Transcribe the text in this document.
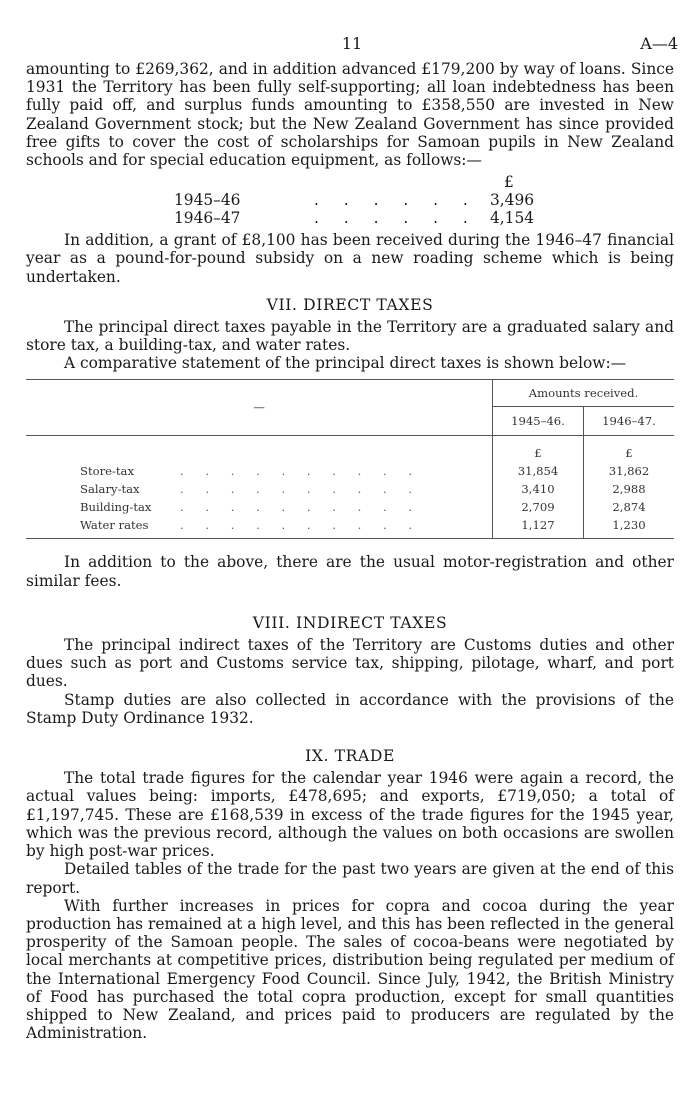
11	A—4

amounting to £269,362, and in addition advanced £179,200 by way of loans. Since 1931 the Territory has been fully self-supporting; all loan indebtedness has been fully paid off, and surplus funds amounting to £358,550 are invested in New Zealand Government stock; but the New Zealand Government has since provided free gifts to cover the cost of scholarships for Samoan pupils in New Zealand schools and for special education equipment, as follows:—

£
1945–46	. . . . . . 3,496
1946–47	. . . . . . 4,154

In addition, a grant of £8,100 has been received during the 1946–47 financial year as a pound-for-pound subsidy on a new roading scheme which is being undertaken.

VII. DIRECT TAXES

The principal direct taxes payable in the Territory are a graduated salary and store tax, a building-tax, and water rates.

A comparative statement of the principal direct taxes is shown below:—

—	Amounts received.	
	1945–46.	1946–47.
	£	£
Store-tax . . . . . . . . . .	31,854	31,862
Salary-tax . . . . . . . . . .	3,410	2,988
Building-tax . . . . . . . . . .	2,709	2,874
Water rates . . . . . . . . . .	1,127	1,230

In addition to the above, there are the usual motor-registration and other similar fees.

VIII. INDIRECT TAXES

The principal indirect taxes of the Territory are Customs duties and other dues such as port and Customs service tax, shipping, pilotage, wharf, and port dues.

Stamp duties are also collected in accordance with the provisions of the Stamp Duty Ordinance 1932.

IX. TRADE

The total trade figures for the calendar year 1946 were again a record, the actual values being: imports, £478,695; and exports, £719,050; a total of £1,197,745. These are £168,539 in excess of the trade figures for the 1945 year, which was the previous record, although the values on both occasions are swollen by high post-war prices.

Detailed tables of the trade for the past two years are given at the end of this report.

With further increases in prices for copra and cocoa during the year production has remained at a high level, and this has been reflected in the general prosperity of the Samoan people. The sales of cocoa-beans were negotiated by local merchants at competitive prices, distribution being regulated per medium of the International Emergency Food Council. Since July, 1942, the British Ministry of Food has purchased the total copra production, except for small quantities shipped to New Zealand, and prices paid to producers are regulated by the Administration.
